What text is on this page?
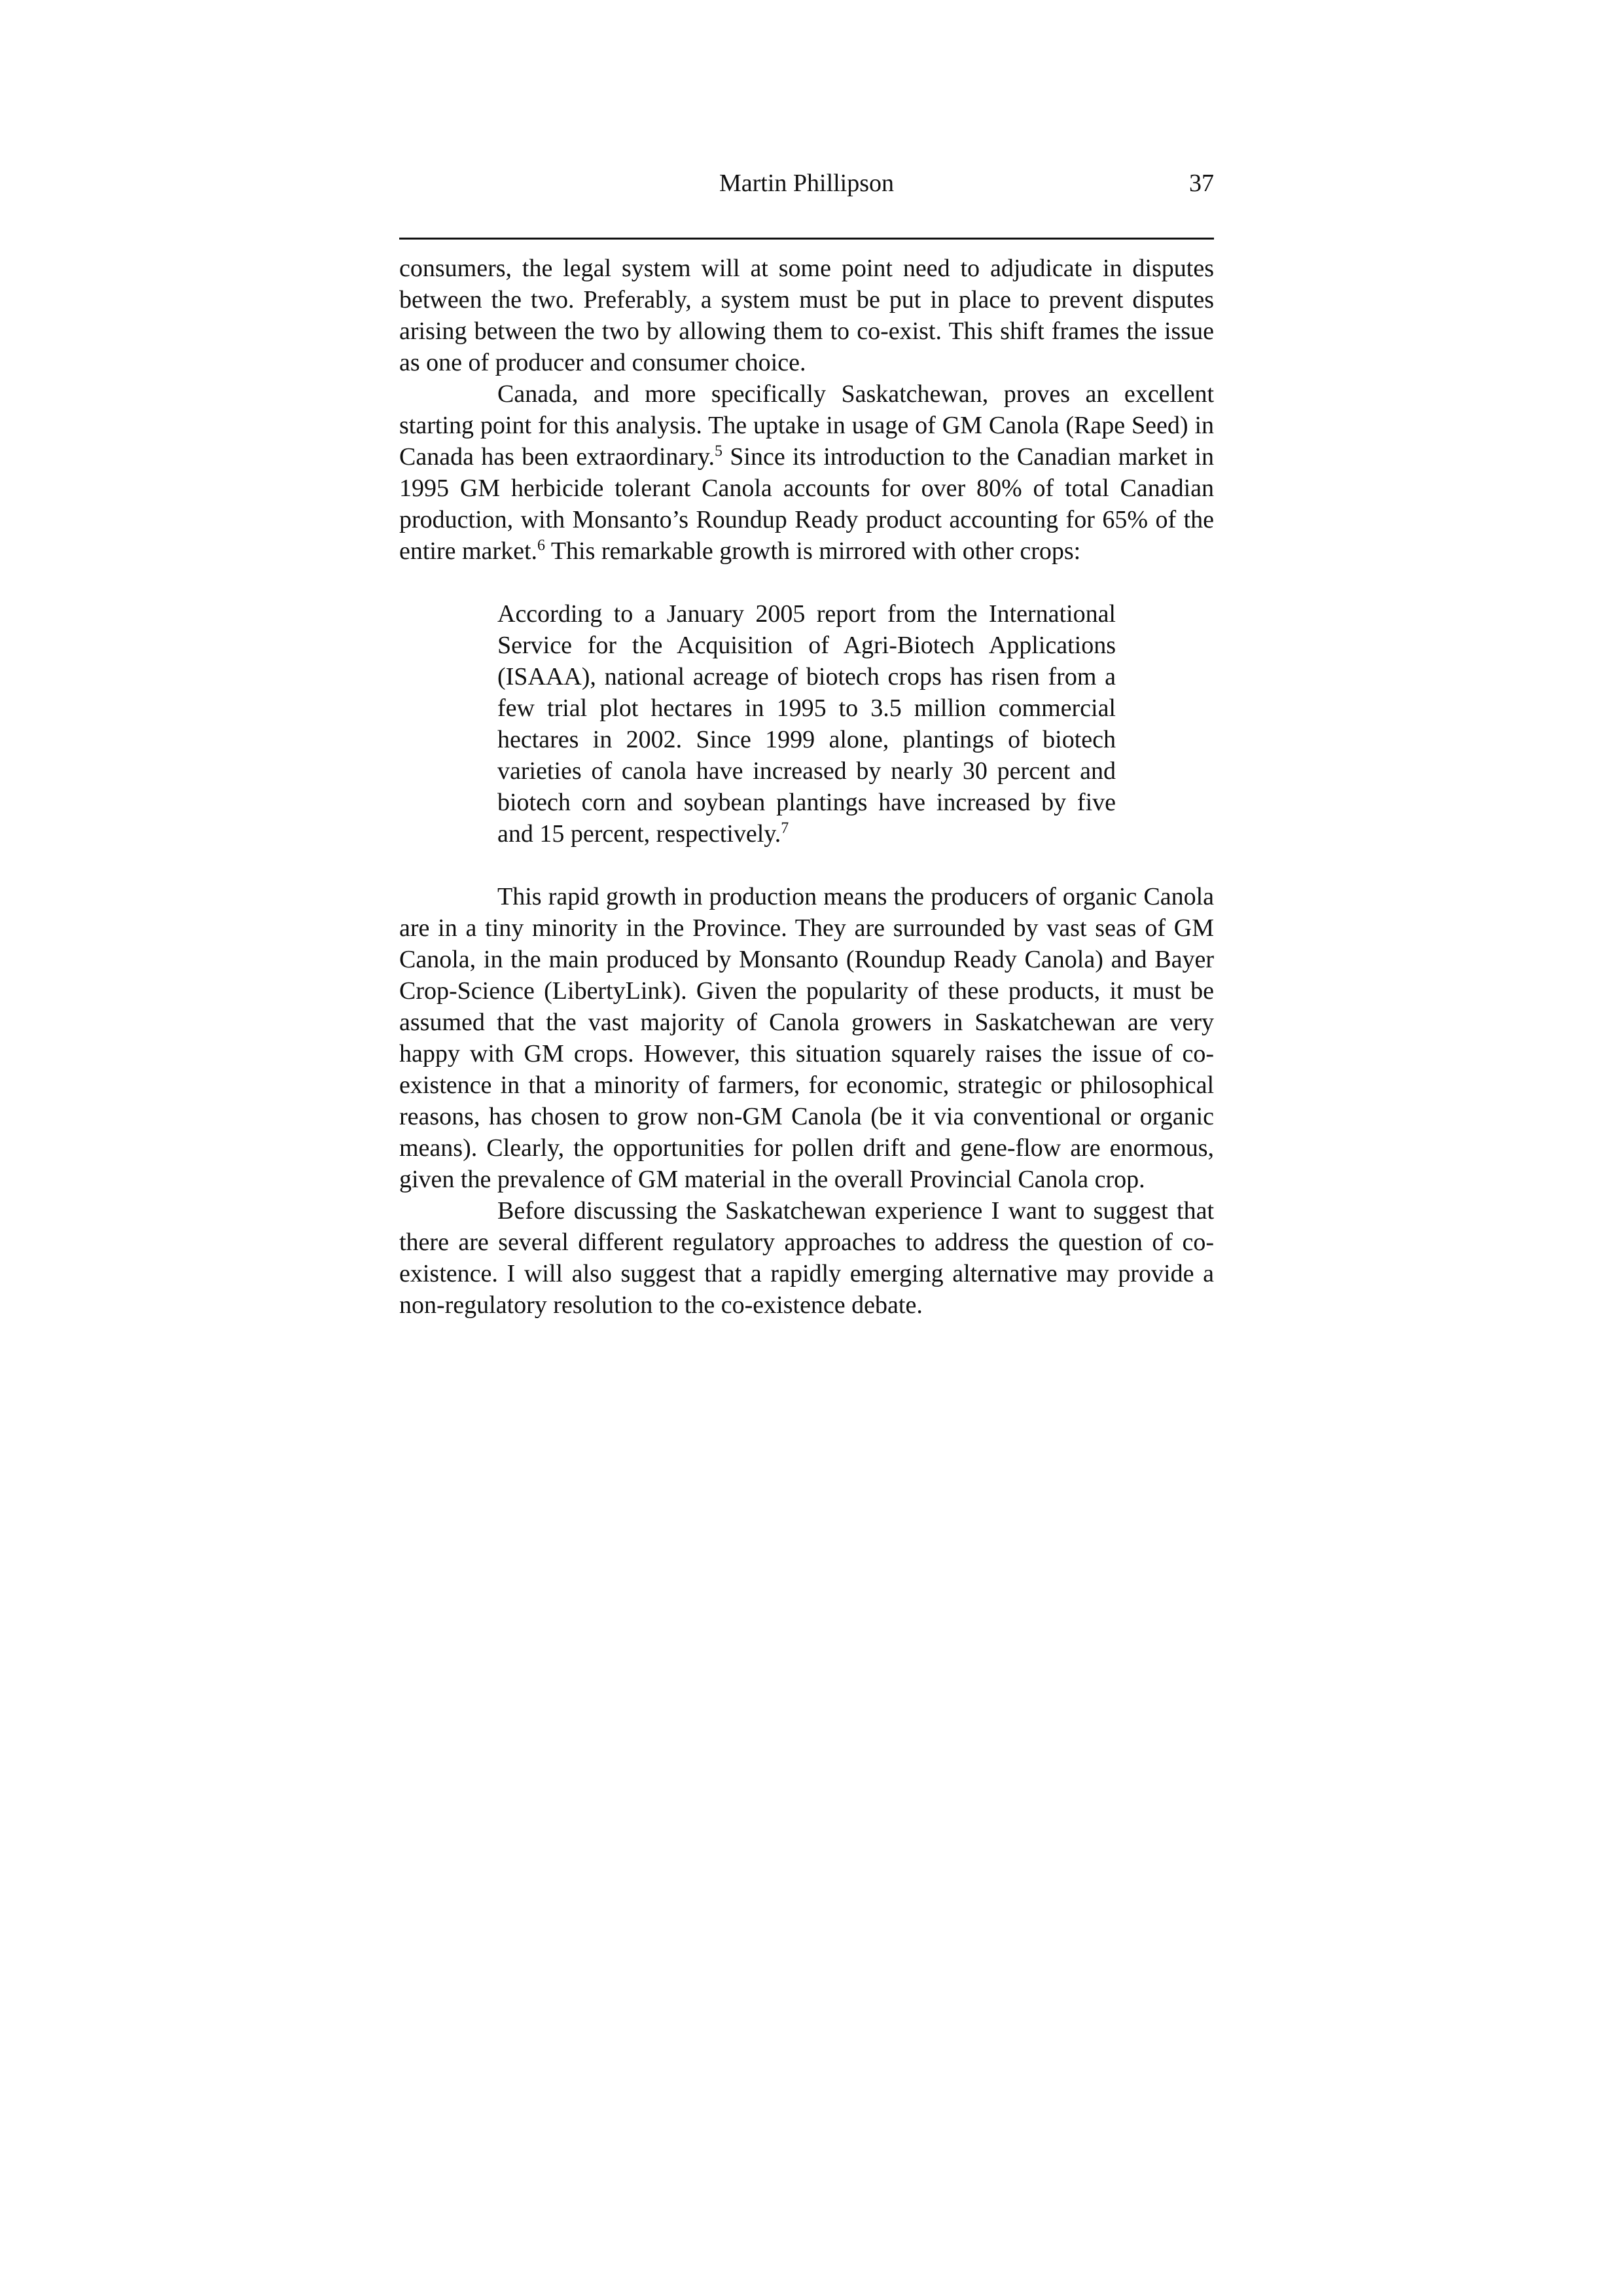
Martin Phillipson	37

consumers, the legal system will at some point need to adjudicate in disputes between the two. Preferably, a system must be put in place to prevent disputes arising between the two by allowing them to co-exist. This shift frames the issue as one of producer and consumer choice.

Canada, and more specifically Saskatchewan, proves an excellent starting point for this analysis. The uptake in usage of GM Canola (Rape Seed) in Canada has been extraordinary.$^5$ Since its introduction to the Canadian market in 1995 GM herbicide tolerant Canola accounts for over 80% of total Canadian production, with Monsanto’s Roundup Ready product accounting for 65% of the entire market.$^6$ This remarkable growth is mirrored with other crops:

According to a January 2005 report from the International Service for the Acquisition of Agri-Biotech Applications (ISAAA), national acreage of biotech crops has risen from a few trial plot hectares in 1995 to 3.5 million commercial hectares in 2002. Since 1999 alone, plantings of biotech varieties of canola have increased by nearly 30 percent and biotech corn and soybean plantings have increased by five and 15 percent, respectively.$^7$

This rapid growth in production means the producers of organic Canola are in a tiny minority in the Province. They are surrounded by vast seas of GM Canola, in the main produced by Monsanto (Roundup Ready Canola) and Bayer Crop-Science (LibertyLink). Given the popularity of these products, it must be assumed that the vast majority of Canola growers in Saskatchewan are very happy with GM crops. However, this situation squarely raises the issue of co-existence in that a minority of farmers, for economic, strategic or philosophical reasons, has chosen to grow non-GM Canola (be it via conventional or organic means). Clearly, the opportunities for pollen drift and gene-flow are enormous, given the prevalence of GM material in the overall Provincial Canola crop.

Before discussing the Saskatchewan experience I want to suggest that there are several different regulatory approaches to address the question of co-existence. I will also suggest that a rapidly emerging alternative may provide a non-regulatory resolution to the co-existence debate.
